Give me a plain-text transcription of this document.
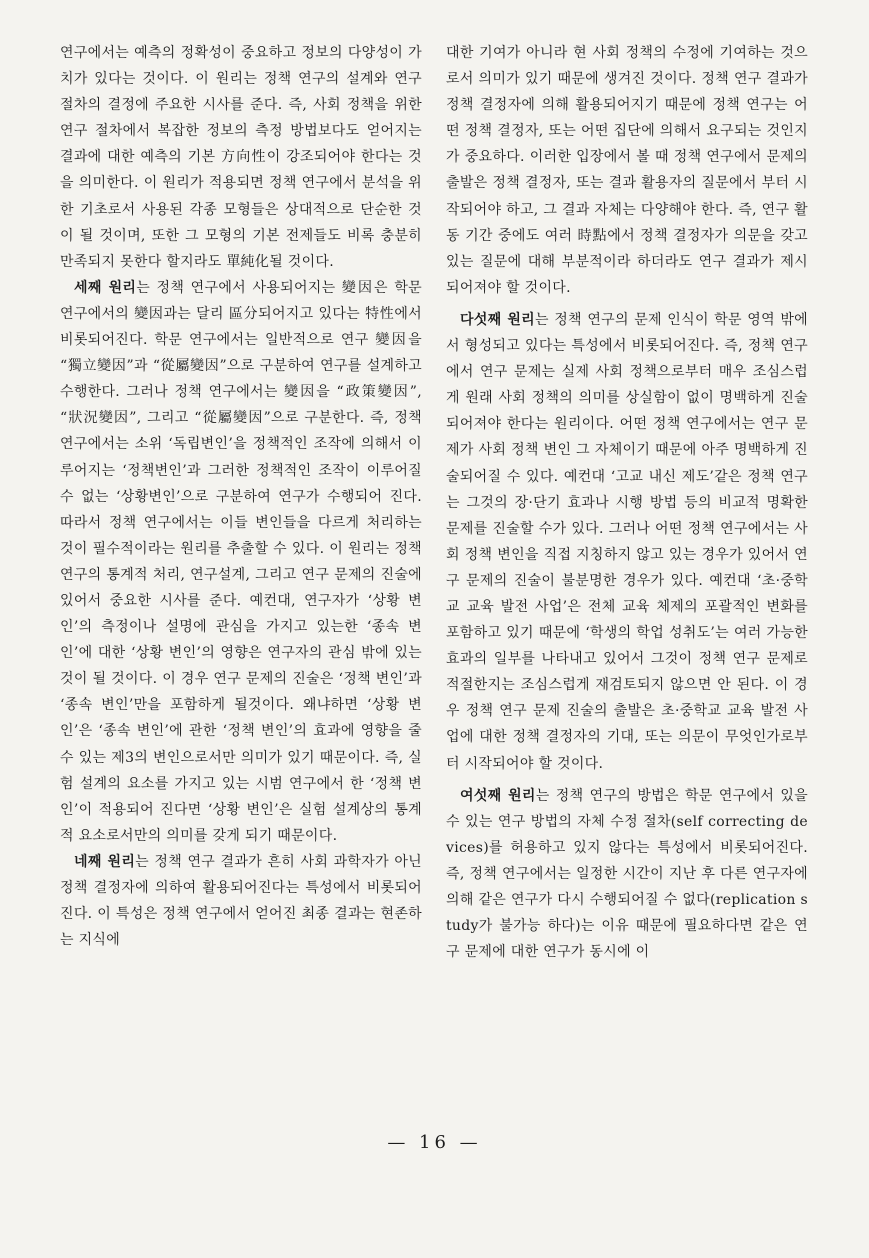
연구에서는 예측의 정확성이 중요하고 정보의 다양성이 가치가 있다는 것이다. 이 원리는 정책 연구의 설계와 연구 절차의 결정에 주요한 시사를 준다. 즉, 사회 정책을 위한 연구 절차에서 복잡한 정보의 측정 방법보다도 얻어지는 결과에 대한 예측의 기본 方向性이 강조되어야 한다는 것을 의미한다. 이 원리가 적용되면 정책 연구에서 분석을 위한 기초로서 사용된 각종 모형들은 상대적으로 단순한 것이 될 것이며, 또한 그 모형의 기본 전제들도 비록 충분히 만족되지 못한다 할지라도 單純化될 것이다.

세째 원리는 정책 연구에서 사용되어지는 變因은 학문 연구에서의 變因과는 달리 區分되어지고 있다는 特性에서 비롯되어진다. 학문 연구에서는 일반적으로 연구 變因을 “獨立變因”과 “從屬變因”으로 구분하여 연구를 설계하고 수행한다. 그러나 정책 연구에서는 變因을 “政策變因”, “狀況變因”, 그리고 “從屬變因”으로 구분한다. 즉, 정책 연구에서는 소위 ‘독립변인’을 정책적인 조작에 의해서 이루어지는 ‘정책변인’과 그러한 정책적인 조작이 이루어질 수 없는 ‘상황변인’으로 구분하여 연구가 수행되어 진다. 따라서 정책 연구에서는 이들 변인들을 다르게 처리하는 것이 필수적이라는 원리를 추출할 수 있다. 이 원리는 정책 연구의 통계적 처리, 연구설계, 그리고 연구 문제의 진술에 있어서 중요한 시사를 준다. 예컨대, 연구자가 ‘상황 변인’의 측정이나 설명에 관심을 가지고 있는한 ‘종속 변인’에 대한 ‘상황 변인’의 영향은 연구자의 관심 밖에 있는 것이 될 것이다. 이 경우 연구 문제의 진술은 ‘정책 변인’과 ‘종속 변인’만을 포함하게 될것이다. 왜냐하면 ‘상황 변인’은 ‘종속 변인’에 관한 ‘정책 변인’의 효과에 영향을 줄 수 있는 제3의 변인으로서만 의미가 있기 때문이다. 즉, 실험 설계의 요소를 가지고 있는 시범 연구에서 한 ‘정책 변인’이 적용되어 진다면 ‘상황 변인’은 실험 설계상의 통계적 요소로서만의 의미를 갖게 되기 때문이다.

네째 원리는 정책 연구 결과가 흔히 사회 과학자가 아닌 정책 결정자에 의하여 활용되어진다는 특성에서 비롯되어진다. 이 특성은 정책 연구에서 얻어진 최종 결과는 현존하는 지식에

대한 기여가 아니라 현 사회 정책의 수정에 기여하는 것으로서 의미가 있기 때문에 생겨진 것이다. 정책 연구 결과가 정책 결정자에 의해 활용되어지기 때문에 정책 연구는 어떤 정책 결정자, 또는 어떤 집단에 의해서 요구되는 것인지가 중요하다. 이러한 입장에서 볼 때 정책 연구에서 문제의 출발은 정책 결정자, 또는 결과 활용자의 질문에서 부터 시작되어야 하고, 그 결과 자체는 다양해야 한다. 즉, 연구 활동 기간 중에도 여러 時點에서 정책 결정자가 의문을 갖고 있는 질문에 대해 부분적이라 하더라도 연구 결과가 제시되어져야 할 것이다.

다섯째 원리는 정책 연구의 문제 인식이 학문 영역 밖에서 형성되고 있다는 특성에서 비롯되어진다. 즉, 정책 연구에서 연구 문제는 실제 사회 정책으로부터 매우 조심스럽게 원래 사회 정책의 의미를 상실함이 없이 명백하게 진술되어져야 한다는 원리이다. 어떤 정책 연구에서는 연구 문제가 사회 정책 변인 그 자체이기 때문에 아주 명백하게 진술되어질 수 있다. 예컨대 ‘고교 내신 제도’같은 정책 연구는 그것의 장·단기 효과나 시행 방법 등의 비교적 명확한 문제를 진술할 수가 있다. 그러나 어떤 정책 연구에서는 사회 정책 변인을 직접 지칭하지 않고 있는 경우가 있어서 연구 문제의 진술이 불분명한 경우가 있다. 예컨대 ‘초·중학교 교육 발전 사업’은 전체 교육 체제의 포괄적인 변화를 포함하고 있기 때문에 ‘학생의 학업 성취도’는 여러 가능한 효과의 일부를 나타내고 있어서 그것이 정책 연구 문제로 적절한지는 조심스럽게 재검토되지 않으면 안 된다. 이 경우 정책 연구 문제 진술의 출발은 초·중학교 교육 발전 사업에 대한 정책 결정자의 기대, 또는 의문이 무엇인가로부터 시작되어야 할 것이다.

여섯째 원리는 정책 연구의 방법은 학문 연구에서 있을 수 있는 연구 방법의 자체 수정 절차(self correcting devices)를 허용하고 있지 않다는 특성에서 비롯되어진다. 즉, 정책 연구에서는 일정한 시간이 지난 후 다른 연구자에 의해 같은 연구가 다시 수행되어질 수 없다(replication study가 불가능 하다)는 이유 때문에 필요하다면 같은 연구 문제에 대한 연구가 동시에 이

— 16 —
